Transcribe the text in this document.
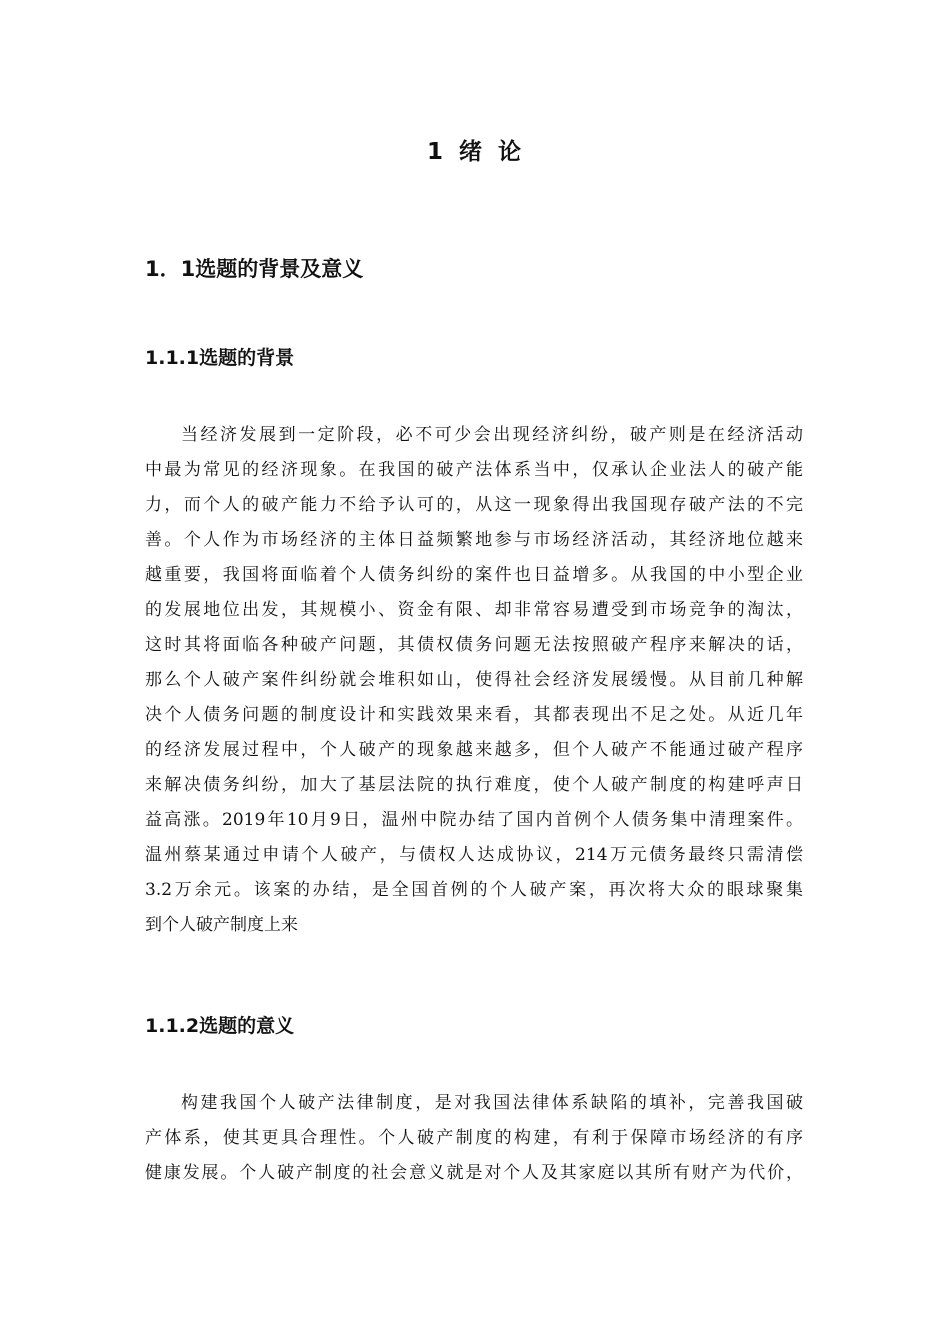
1 绪 论
1．1选题的背景及意义
1.1.1选题的背景
当经济发展到一定阶段，必不可少会出现经济纠纷，破产则是在经济活动
中最为常见的经济现象。在我国的破产法体系当中，仅承认企业法人的破产能
力，而个人的破产能力不给予认可的，从这一现象得出我国现存破产法的不完
善。个人作为市场经济的主体日益频繁地参与市场经济活动，其经济地位越来
越重要，我国将面临着个人债务纠纷的案件也日益增多。从我国的中小型企业
的发展地位出发，其规模小、资金有限、却非常容易遭受到市场竞争的淘汰，
这时其将面临各种破产问题，其债权债务问题无法按照破产程序来解决的话，
那么个人破产案件纠纷就会堆积如山，使得社会经济发展缓慢。从目前几种解
决个人债务问题的制度设计和实践效果来看，其都表现出不足之处。从近几年
的经济发展过程中，个人破产的现象越来越多，但个人破产不能通过破产程序
来解决债务纠纷，加大了基层法院的执行难度，使个人破产制度的构建呼声日
益高涨。2019年10月9日，温州中院办结了国内首例个人债务集中清理案件。
温州蔡某通过申请个人破产，与债权人达成协议，214万元债务最终只需清偿
3.2万余元。该案的办结，是全国首例的个人破产案，再次将大众的眼球聚集
到个人破产制度上来
1.1.2选题的意义
构建我国个人破产法律制度，是对我国法律体系缺陷的填补，完善我国破
产体系，使其更具合理性。个人破产制度的构建，有利于保障市场经济的有序
健康发展。个人破产制度的社会意义就是对个人及其家庭以其所有财产为代价，
